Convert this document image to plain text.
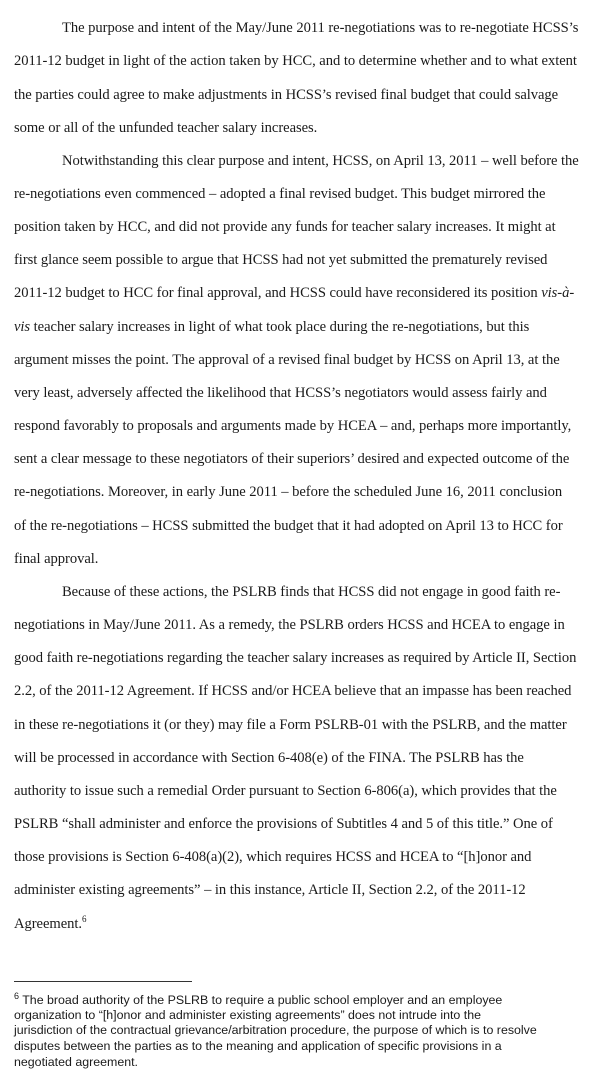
The purpose and intent of the May/June 2011 re-negotiations was to re-negotiate HCSS’s
2011-12 budget in light of the action taken by HCC, and to determine whether and to what extent
the parties could agree to make adjustments in HCSS’s revised final budget that could salvage
some or all of the unfunded teacher salary increases.
Notwithstanding this clear purpose and intent, HCSS, on April 13, 2011 – well before the
re-negotiations even commenced – adopted a final revised budget. This budget mirrored the
position taken by HCC, and did not provide any funds for teacher salary increases. It might at
first glance seem possible to argue that HCSS had not yet submitted the prematurely revised
2011-12 budget to HCC for final approval, and HCSS could have reconsidered its position vis-à-
vis teacher salary increases in light of what took place during the re-negotiations, but this
argument misses the point. The approval of a revised final budget by HCSS on April 13, at the
very least, adversely affected the likelihood that HCSS’s negotiators would assess fairly and
respond favorably to proposals and arguments made by HCEA – and, perhaps more importantly,
sent a clear message to these negotiators of their superiors’ desired and expected outcome of the
re-negotiations. Moreover, in early June 2011 – before the scheduled June 16, 2011 conclusion
of the re-negotiations – HCSS submitted the budget that it had adopted on April 13 to HCC for
final approval.
Because of these actions, the PSLRB finds that HCSS did not engage in good faith re-
negotiations in May/June 2011. As a remedy, the PSLRB orders HCSS and HCEA to engage in
good faith re-negotiations regarding the teacher salary increases as required by Article II, Section
2.2, of the 2011-12 Agreement. If HCSS and/or HCEA believe that an impasse has been reached
in these re-negotiations it (or they) may file a Form PSLRB-01 with the PSLRB, and the matter
will be processed in accordance with Section 6-408(e) of the FINA. The PSLRB has the
authority to issue such a remedial Order pursuant to Section 6-806(a), which provides that the
PSLRB “shall administer and enforce the provisions of Subtitles 4 and 5 of this title.” One of
those provisions is Section 6-408(a)(2), which requires HCSS and HCEA to “[h]onor and
administer existing agreements” – in this instance, Article II, Section 2.2, of the 2011-12
Agreement.$^6$
$^6$ The broad authority of the PSLRB to require a public school employer and an employee
organization to “[h]onor and administer existing agreements” does not intrude into the
jurisdiction of the contractual grievance/arbitration procedure, the purpose of which is to resolve
disputes between the parties as to the meaning and application of specific provisions in a
negotiated agreement.
